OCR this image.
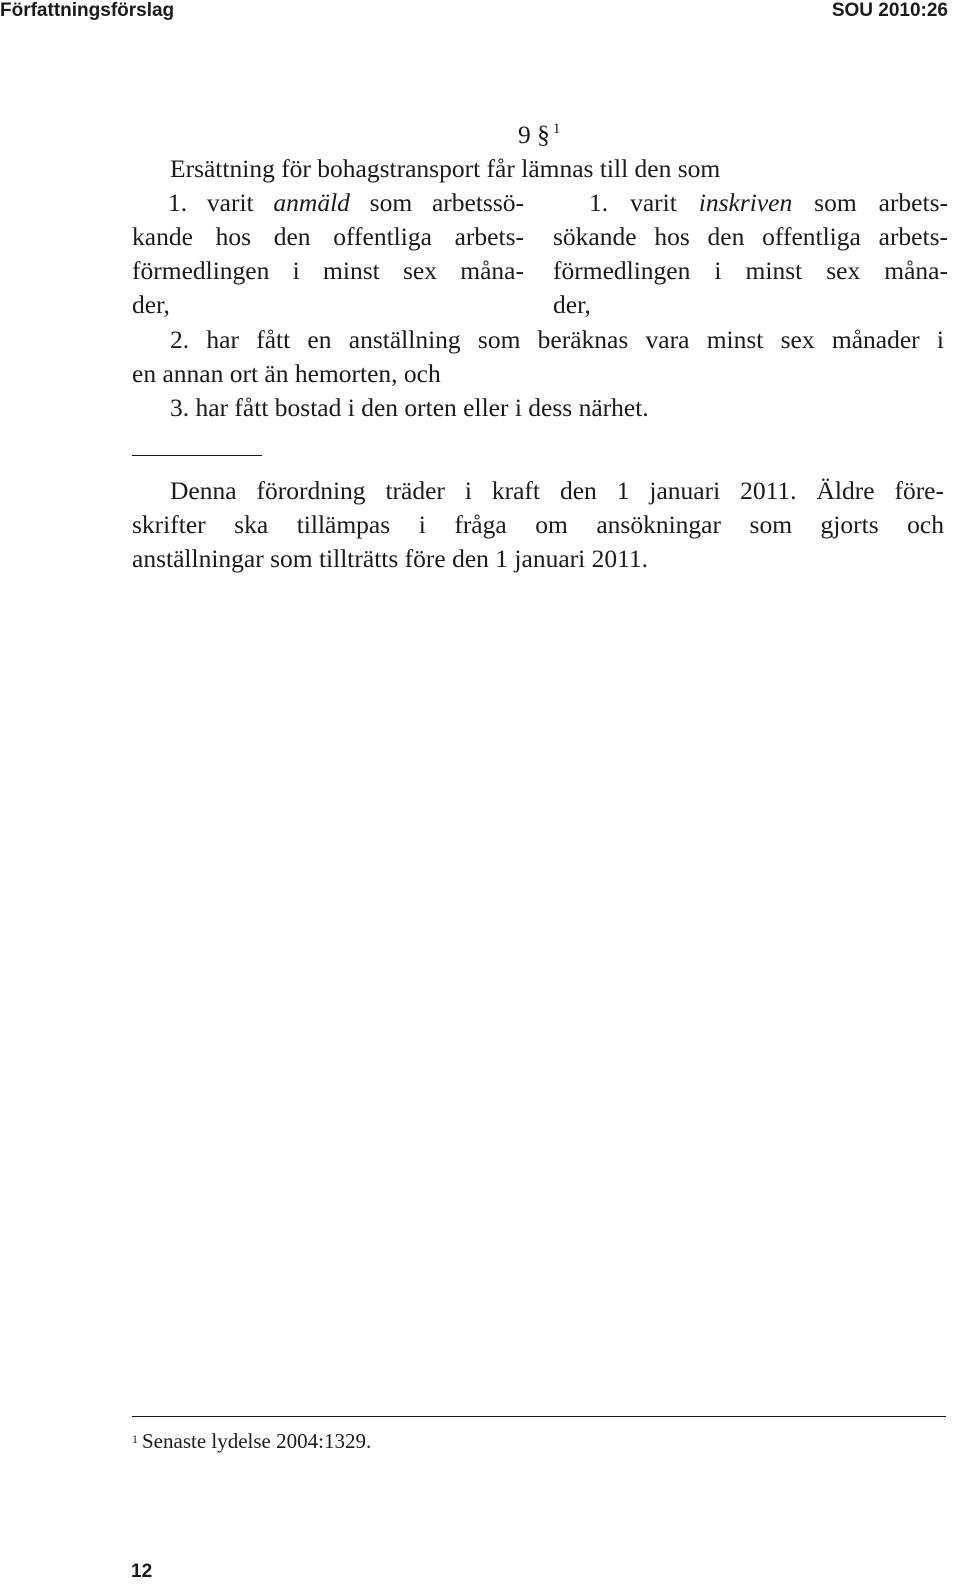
Författningsförslag	SOU 2010:26
9 § $^1$
Ersättning för bohagstransport får lämnas till den som
1. varit anmäld som arbetssö-
kande hos den offentliga arbets-
förmedlingen i minst sex måna-
der,
1. varit inskriven som arbets-
sökande hos den offentliga arbets-
förmedlingen i minst sex måna-
der,
2. har fått en anställning som beräknas vara minst sex månader i
en annan ort än hemorten, och
3. har fått bostad i den orten eller i dess närhet.
Denna förordning träder i kraft den 1 januari 2011. Äldre före-
skrifter ska tillämpas i fråga om ansökningar som gjorts och
anställningar som tillträtts före den 1 januari 2011.
$^1$ Senaste lydelse 2004:1329.
12
